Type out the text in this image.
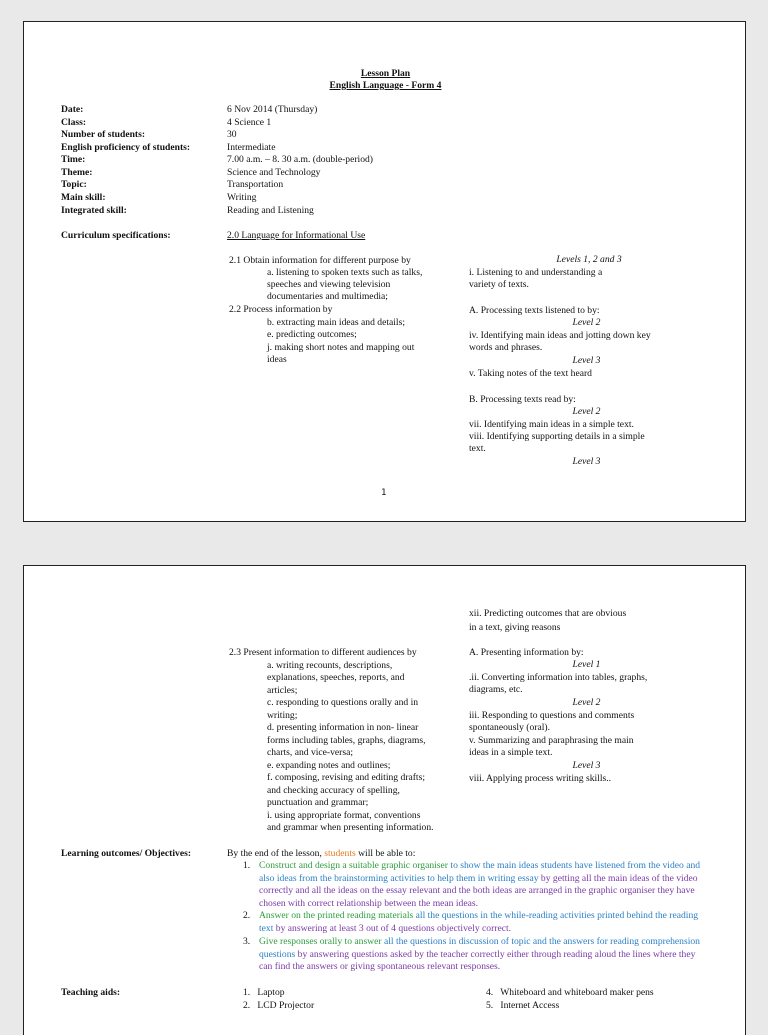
Lesson Plan
English Language - Form 4
Date:	6 Nov 2014 (Thursday)
Class:	4 Science 1
Number of students:	30
English proficiency of students:	Intermediate
Time:	7.00 a.m. – 8. 30 a.m. (double-period)
Theme:	Science and Technology
Topic:	Transportation
Main skill:	Writing
Integrated skill:	Reading and Listening
Curriculum specifications:	2.0 Language for Informational Use
2.1 Obtain information for different purpose by
a. listening to spoken texts such as talks,
speeches and viewing television
documentaries and multimedia;
2.2 Process information by
b. extracting main ideas and details;
e. predicting outcomes;
j. making short notes and mapping out
ideas
Levels 1, 2 and 3
i. Listening to and understanding a
variety of texts.
A. Processing texts listened to by:
Level 2
iv. Identifying main ideas and jotting down key
words and phrases.
Level 3
v. Taking notes of the text heard
B. Processing texts read by:
Level 2
vii. Identifying main ideas in a simple text.
viii. Identifying supporting details in a simple
text.
Level 3
1
xii. Predicting outcomes that are obvious
in a text, giving reasons
2.3 Present information to different audiences by
a. writing recounts, descriptions,
explanations, speeches, reports, and
articles;
c. responding to questions orally and in
writing;
d. presenting information in non- linear
forms including tables, graphs, diagrams,
charts, and vice-versa;
e. expanding notes and outlines;
f. composing, revising and editing drafts;
and checking accuracy of spelling,
punctuation and grammar;
i. using appropriate format, conventions
and grammar when presenting information.
A. Presenting information by:
Level 1
.ii. Converting information into tables, graphs,
diagrams, etc.
Level 2
iii. Responding to questions and comments
spontaneously (oral).
v. Summarizing and paraphrasing the main
ideas in a simple text.
Level 3
viii. Applying process writing skills..
Learning outcomes/ Objectives:	By the end of the lesson, students will be able to:
1. Construct and design a suitable graphic organiser to show the main ideas students have listened from the video and also ideas from the brainstorming activities to help them in writing essay by getting all the main ideas of the video correctly and all the ideas on the essay relevant and the both ideas are arranged in the graphic organiser they have chosen with correct relationship between the mean ideas.
2. Answer on the printed reading materials all the questions in the while-reading activities printed behind the reading text by answering at least 3 out of 4 questions objectively correct.
3. Give responses orally to answer all the questions in discussion of topic and the answers for reading comprehension questions by answering questions asked by the teacher correctly either through reading aloud the lines where they can find the answers or giving spontaneous relevant responses.
Teaching aids:	1.   Laptop
2.   LCD Projector
4.   Whiteboard and whiteboard maker pens
5.   Internet Access
